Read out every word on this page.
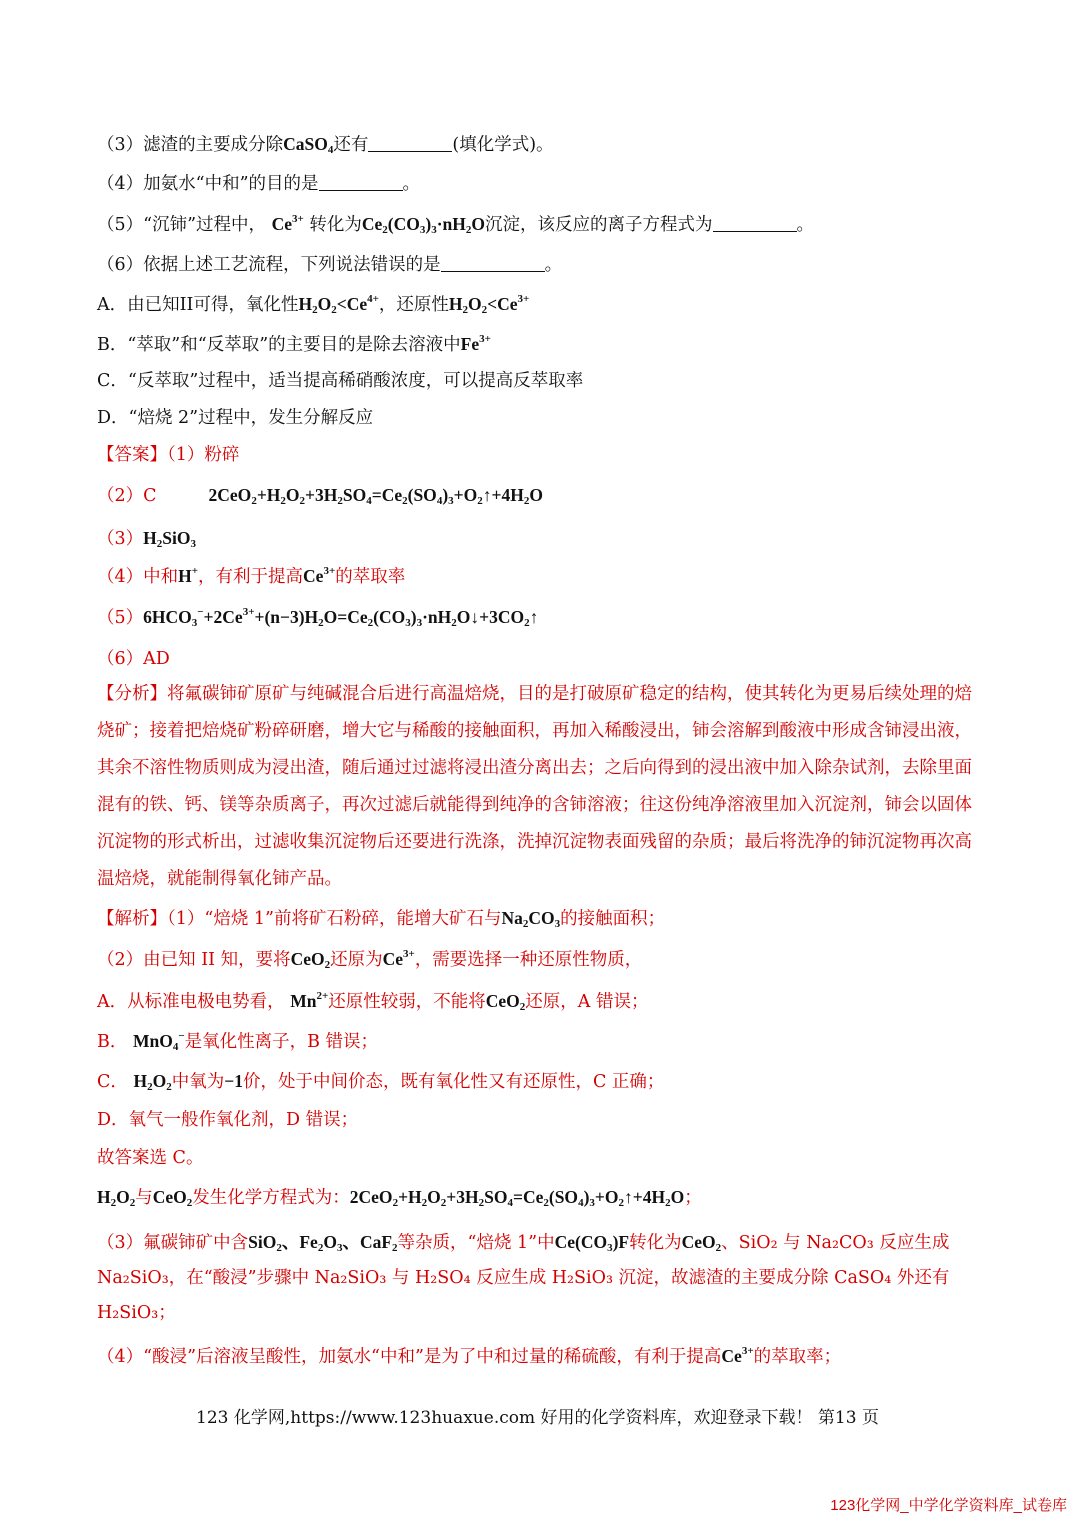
（3）滤渣的主要成分除CaSO$_4$还有	(填化学式)。
（4）加氨水“中和”的目的是	。
（5）“沉铈”过程中， $Ce^{3+}$ 转化为$Ce_2(CO_3)_3\cdot nH_2O$沉淀，该反应的离子方程式为	。
（6）依据上述工艺流程，下列说法错误的是	。
A．由已知II可得，氧化性$H_2O_2<Ce^{4+}$，还原性$H_2O_2<Ce^{3+}$
B．“萃取”和“反萃取”的主要目的是除去溶液中$Fe^{3+}$
C．“反萃取”过程中，适当提高稀硝酸浓度，可以提高反萃取率
D．“焙烧 2”过程中，发生分解反应
【答案】（1）粉碎
（2）C	$2CeO_2+H_2O_2+3H_2SO_4=Ce_2(SO_4)_3+O_2↑+4H_2O$
$(3)H_2SiO_3$
（4）中和H+，有利于提高$Ce^{3+}$的萃取率
$(5)6HCO_3^-+2Ce^{3+}+(n-3)H_2O=Ce_2(CO_3)_3\cdot nH_2O↓+3CO_2↑$
（6）AD
【分析】将氟碳铈矿原矿与纯碱混合后进行高温焙烧，目的是打破原矿稳定的结构，使其转化为更易后续处理的焙烧矿；接着把焙烧矿粉碎研磨，增大它与稀酸的接触面积，再加入稀酸浸出，铈会溶解到酸液中形成含铈浸出液，其余不溶性物质则成为浸出渣，随后通过过滤将浸出渣分离出去；之后向得到的浸出液中加入除杂试剂，去除里面混有的铁、钙、镁等杂质离子，再次过滤后就能得到纯净的含铈溶液；往这份纯净溶液里加入沉淀剂，铈会以固体沉淀物的形式析出，过滤收集沉淀物后还要进行洗涤，洗掉沉淀物表面残留的杂质；最后将洗净的铈沉淀物再次高温焙烧，就能制得氧化铈产品。
【解析】（1）“焙烧 1”前将矿石粉碎，能增大矿石与$Na_2CO_3$的接触面积；
（2）由已知 II 知，要将CeO$_2$还原为$Ce^{3+}$，需要选择一种还原性物质，
A．从标准电极电势看， $Mn^{2+}$还原性较弱，不能将CeO$_2$还原，A 错误；
B． MnO$_4$−是氧化性离子，B 错误；
C． $H_2O_2$中氧为−1价，处于中间价态，既有氧化性又有还原性，C 正确；
D．氧气一般作氧化剂，D 错误；
故答案选 C。
$H_2O_2$与CeO$_2$发生化学方程式为：$2CeO_2+H_2O_2+3H_2SO_4=Ce_2(SO_4)_3+O_2↑+4H_2O$；
（3）氟碳铈矿中含SiO$_2$、$Fe_2O_3$、CaF$_2$等杂质，“焙烧 1”中$Ce(CO_3)F$转化为CeO$_2$、SiO₂ 与 Na₂CO₃ 反应生成 Na₂SiO₃，在“酸浸”步骤中 Na₂SiO₃ 与 H₂SO₄ 反应生成 H₂SiO₃ 沉淀，故滤渣的主要成分除 CaSO₄ 外还有
H₂SiO₃；
（4）“酸浸”后溶液呈酸性，加氨水“中和”是为了中和过量的稀硫酸，有利于提高$Ce^{3+}$的萃取率；
123 化学网,https://www.123huaxue.com 好用的化学资料库，欢迎登录下载！ 第13 页
123化学网_中学化学资料库_试卷库
